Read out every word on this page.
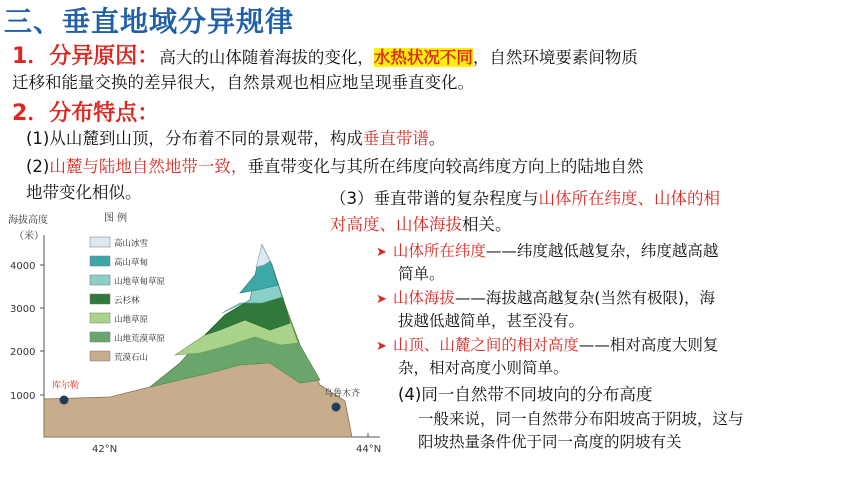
三、垂直地域分异规律
1．分异原因：高大的山体随着海拔的变化，水热状况不同，自然环境要素间物质
迁移和能量交换的差异很大，自然景观也相应地呈现垂直变化。
2．分布特点：
(1)从山麓到山顶，分布着不同的景观带，构成垂直带谱。
(2)山麓与陆地自然地带一致，垂直带变化与其所在纬度向较高纬度方向上的陆地自然
地带变化相似。	（3）垂直带谱的复杂程度与山体所在纬度、山体的相
对高度、山体海拔相关。
➤ 山体所在纬度——纬度越低越复杂，纬度越高越
简单。
➤ 山体海拔——海拔越高越复杂(当然有极限)，海
拔越低越简单，甚至没有。
➤ 山顶、山麓之间的相对高度——相对高度大则复
杂，相对高度小则简单。
(4)同一自然带不同坡向的分布高度
一般来说，同一自然带分布阳坡高于阴坡，这与
阳坡热量条件优于同一高度的阴坡有关
海拔高度
（米）
4000
3000
2000
1000
42°N	44°N
库尔勒
乌鲁木齐
图 例
高山冰雪
高山草甸
山地草甸草原
云杉林
山地草原
山地荒漠草原
荒漠石山
